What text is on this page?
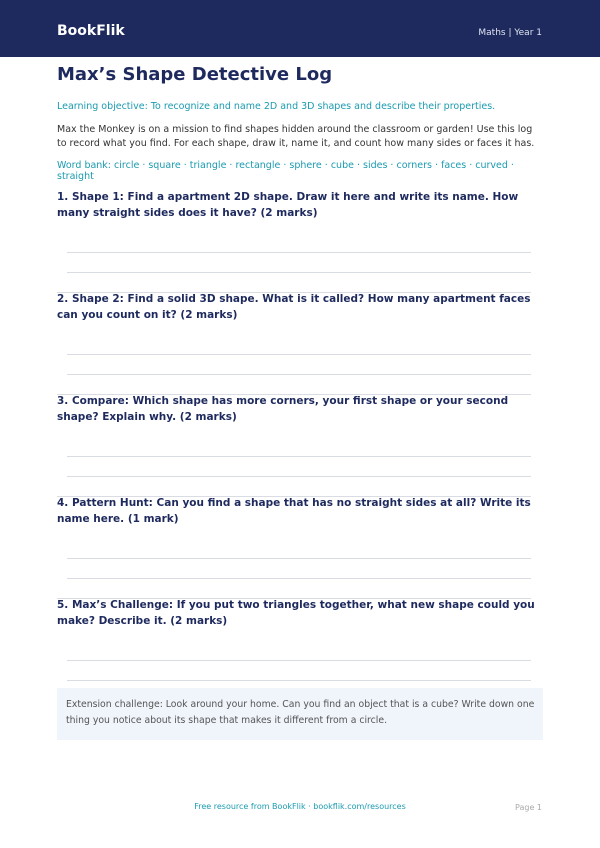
BookFlik	Maths | Year 1
Max’s Shape Detective Log
Learning objective: To recognize and name 2D and 3D shapes and describe their properties.
Max the Monkey is on a mission to find shapes hidden around the classroom or garden! Use this log to record what you find. For each shape, draw it, name it, and count how many sides or faces it has.
Word bank: circle · square · triangle · rectangle · sphere · cube · sides · corners · faces · curved · straight
1. Shape 1: Find a apartment 2D shape. Draw it here and write its name. How many straight sides does it have? (2 marks)
2. Shape 2: Find a solid 3D shape. What is it called? How many apartment faces can you count on it? (2 marks)
3. Compare: Which shape has more corners, your first shape or your second shape? Explain why. (2 marks)
4. Pattern Hunt: Can you find a shape that has no straight sides at all? Write its name here. (1 mark)
5. Max’s Challenge: If you put two triangles together, what new shape could you make? Describe it. (2 marks)
Extension challenge: Look around your home. Can you find an object that is a cube? Write down one thing you notice about its shape that makes it different from a circle.
Free resource from BookFlik · bookflik.com/resources	Page 1
